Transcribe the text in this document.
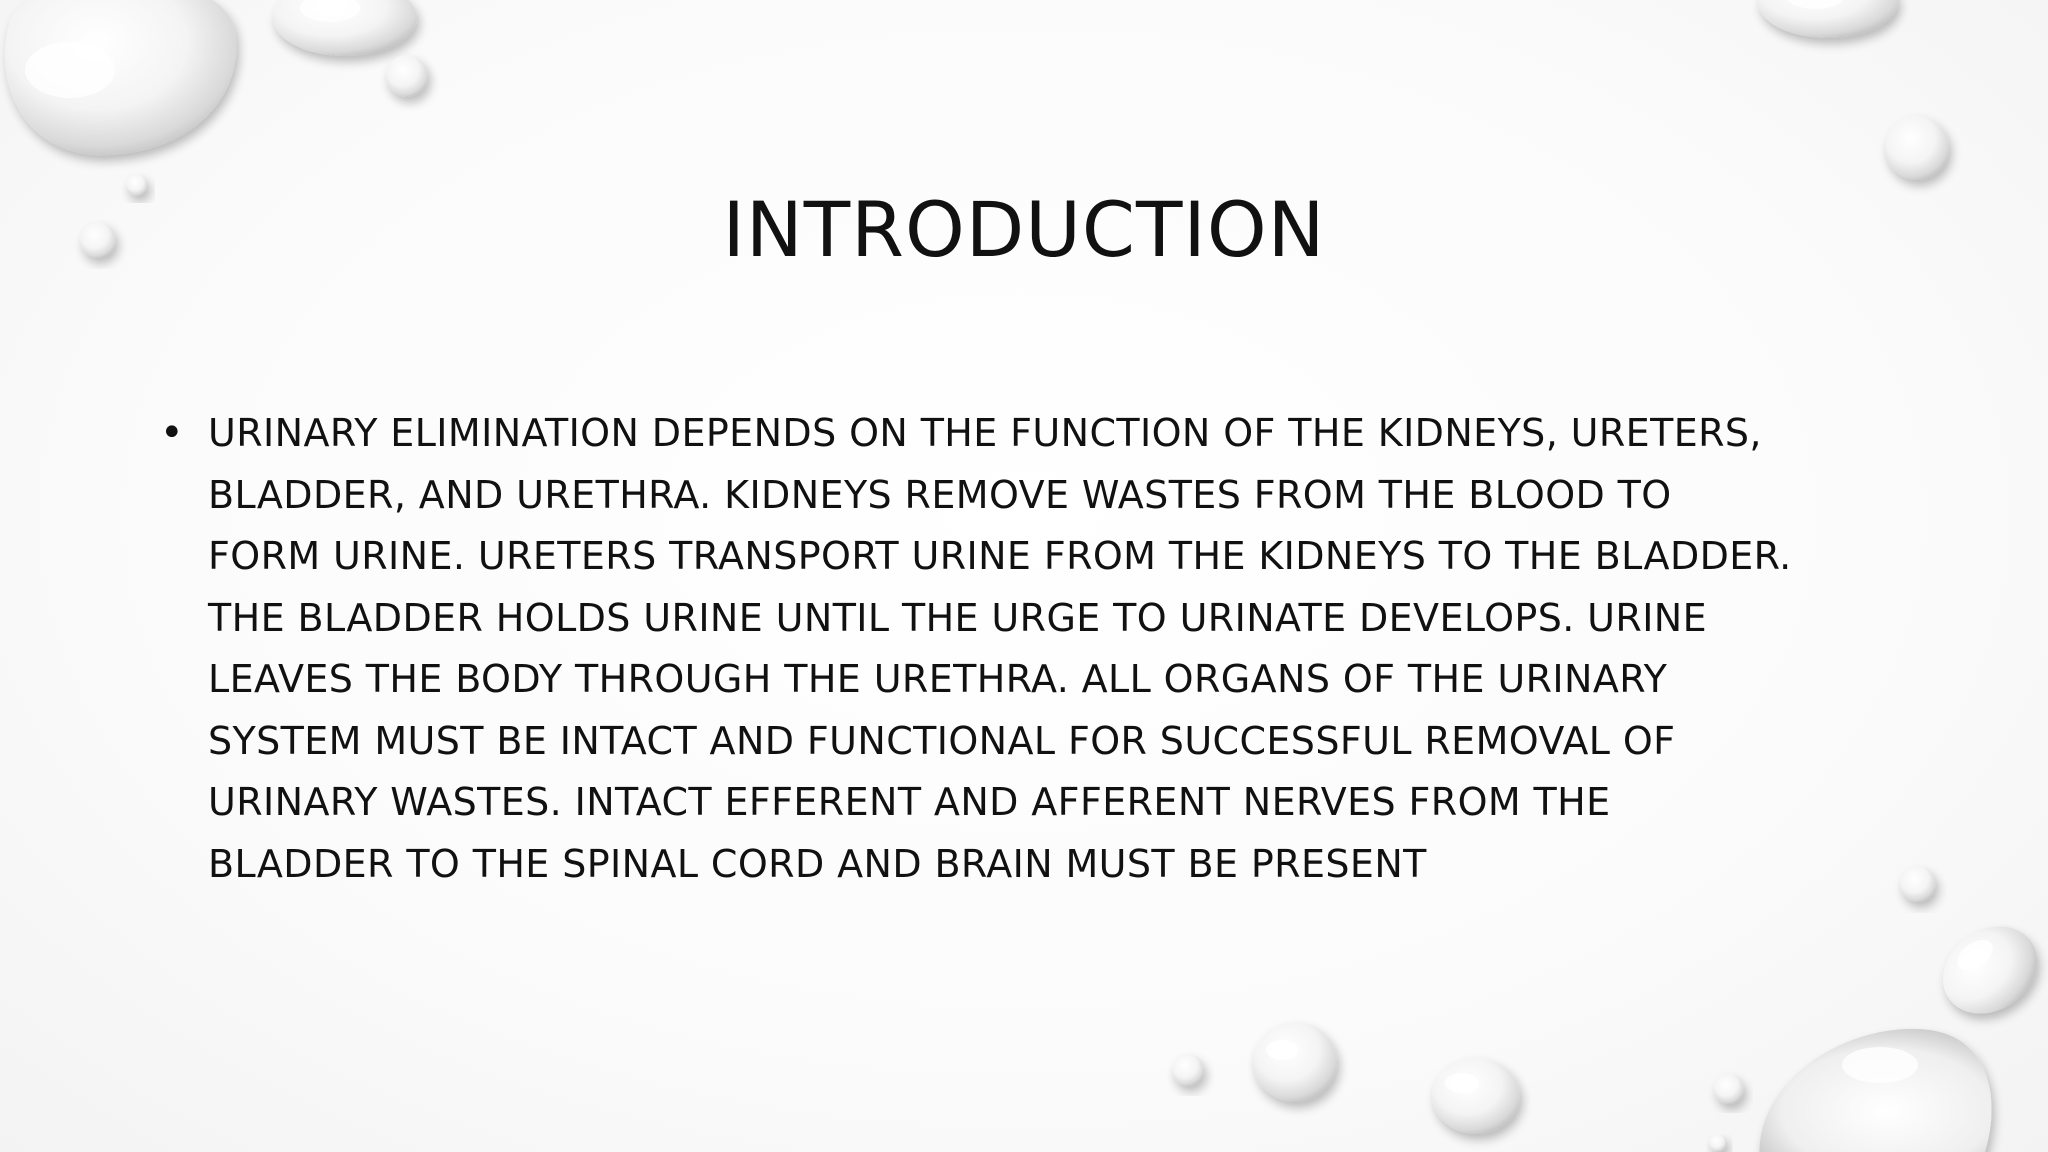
INTRODUCTION
• URINARY ELIMINATION DEPENDS ON THE FUNCTION OF THE KIDNEYS, URETERS,
BLADDER, AND URETHRA. KIDNEYS REMOVE WASTES FROM THE BLOOD TO
FORM URINE. URETERS TRANSPORT URINE FROM THE KIDNEYS TO THE BLADDER.
THE BLADDER HOLDS URINE UNTIL THE URGE TO URINATE DEVELOPS. URINE
LEAVES THE BODY THROUGH THE URETHRA. ALL ORGANS OF THE URINARY
SYSTEM MUST BE INTACT AND FUNCTIONAL FOR SUCCESSFUL REMOVAL OF
URINARY WASTES. INTACT EFFERENT AND AFFERENT NERVES FROM THE
BLADDER TO THE SPINAL CORD AND BRAIN MUST BE PRESENT
